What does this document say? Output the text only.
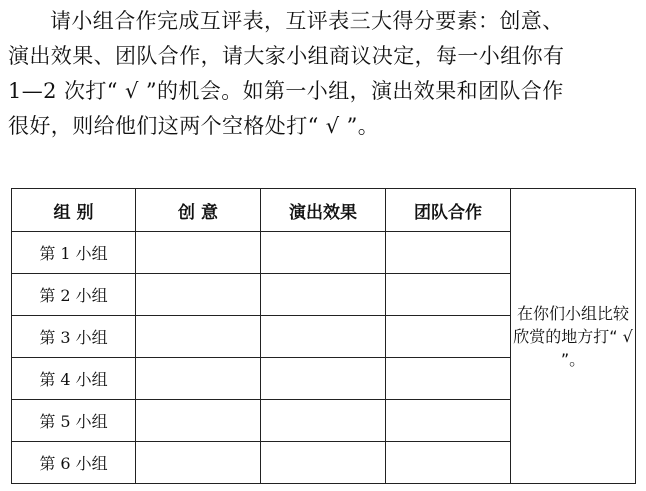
请小组合作完成互评表，互评表三大得分要素：创意、
演出效果、团队合作，请大家小组商议决定，每一小组你有
1—2 次打“ √ ”的机会。如第一小组，演出效果和团队合作
很好，则给他们这两个空格处打“ √ ”。
组 别	创 意	演出效果	团队合作	在你们小组比较欣赏的地方打“ √ ”。
第 1 小组				
第 2 小组				
第 3 小组				
第 4 小组				
第 5 小组				
第 6 小组				
